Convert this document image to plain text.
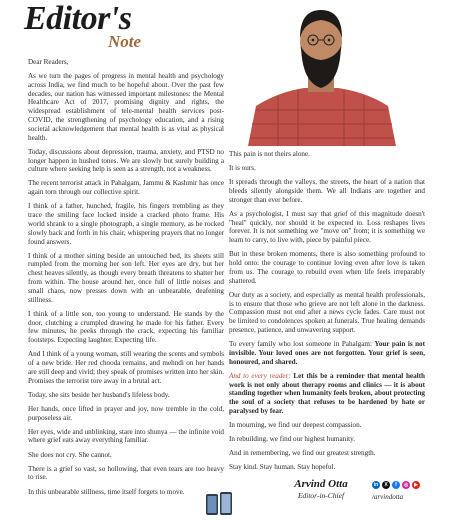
Editor's
Note

Dear Readers,

As we turn the pages of progress in mental health and psychology across India, we find much to be hopeful about. Over the past few decades, our nation has witnessed important milestones: the Mental Healthcare Act of 2017, promising dignity and rights, the widespread establishment of tele-mental health services post-COVID, the strengthening of psychology education, and a rising societal acknowledgement that mental health is as vital as physical health.

Today, discussions about depression, trauma, anxiety, and PTSD no longer happen in hushed tones. We are slowly but surely building a culture where seeking help is seen as a strength, not a weakness.

The recent terrorist attack in Pahalgam, Jammu & Kashmir has once again torn through our collective spirit.

I think of a father, hunched, fragile, his fingers trembling as they trace the smiling face locked inside a cracked photo frame. His world shrank to a single photograph, a single memory, as he rocked slowly back and forth in his chair, whispering prayers that no longer found answers.

I think of a mother sitting beside an untouched bed, its sheets still rumpled from the morning her son left. Her eyes are dry, but her chest heaves silently, as though every breath threatens to shatter her from within. The house around her, once full of little noises and small chaos, now presses down with an unbearable, deafening stillness.

I think of a little son, too young to understand. He stands by the door, clutching a crumpled drawing he made for his father. Every few minutes, he peeks through the crack, expecting his familiar footsteps. Expecting laughter. Expecting life.

And I think of a young woman, still wearing the scents and symbols of a new bride. Her red chooda remains, and mehndi on her hands are still deep and vivid; they speak of promises written into her skin. Promises the terrorist tore away in a brutal act.

Today, she sits beside her husband's lifeless body.

Her hands, once lifted in prayer and joy, now tremble in the cold, purposeless air.

Her eyes, wide and unblinking, stare into shunya — the infinite void where grief eats away everything familiar.

She does not cry. She cannot.

There is a grief so vast, so hollowing, that even tears are too heavy to rise.

In this unbearable stillness, time itself forgets to move.

This pain is not theirs alone.

It is ours.

It spreads through the valleys, the streets, the heart of a nation that bleeds silently alongside them. We all Indians are together and stronger than ever before.

As a psychologist, I must say that grief of this magnitude doesn't "heal" quickly, nor should it be expected to. Loss reshapes lives forever. It is not something we "move on" from; it is something we learn to carry, to live with, piece by painful piece.

But in these broken moments, there is also something profound to hold onto: the courage to continue loving even after love is taken from us. The courage to rebuild even when life feels irreparably shattered.

Our duty as a society, and especially as mental health professionals, is to ensure that those who grieve are not left alone in the darkness. Compassion must not end after a news cycle fades. Care must not be limited to condolences spoken at funerals. True healing demands presence, patience, and unwavering support.

To every family who lost someone in Pahalgam: Your pain is not invisible. Your loved ones are not forgotten. Your grief is seen, honoured, and shared.

And to every reader: Let this be a reminder that mental health work is not only about therapy rooms and clinics — it is about standing together when humanity feels broken, about protecting the soul of a society that refuses to be hardened by hate or paralysed by fear.

In mourning, we find our deepest compassion.

In rebuilding, we find our highest humanity.

And in remembering, we find our greatest strength.

Stay kind. Stay human. Stay hopeful.

Arvind Otta
Editor-in-Chief
in	X	f	◎	▶
/arvindotta
